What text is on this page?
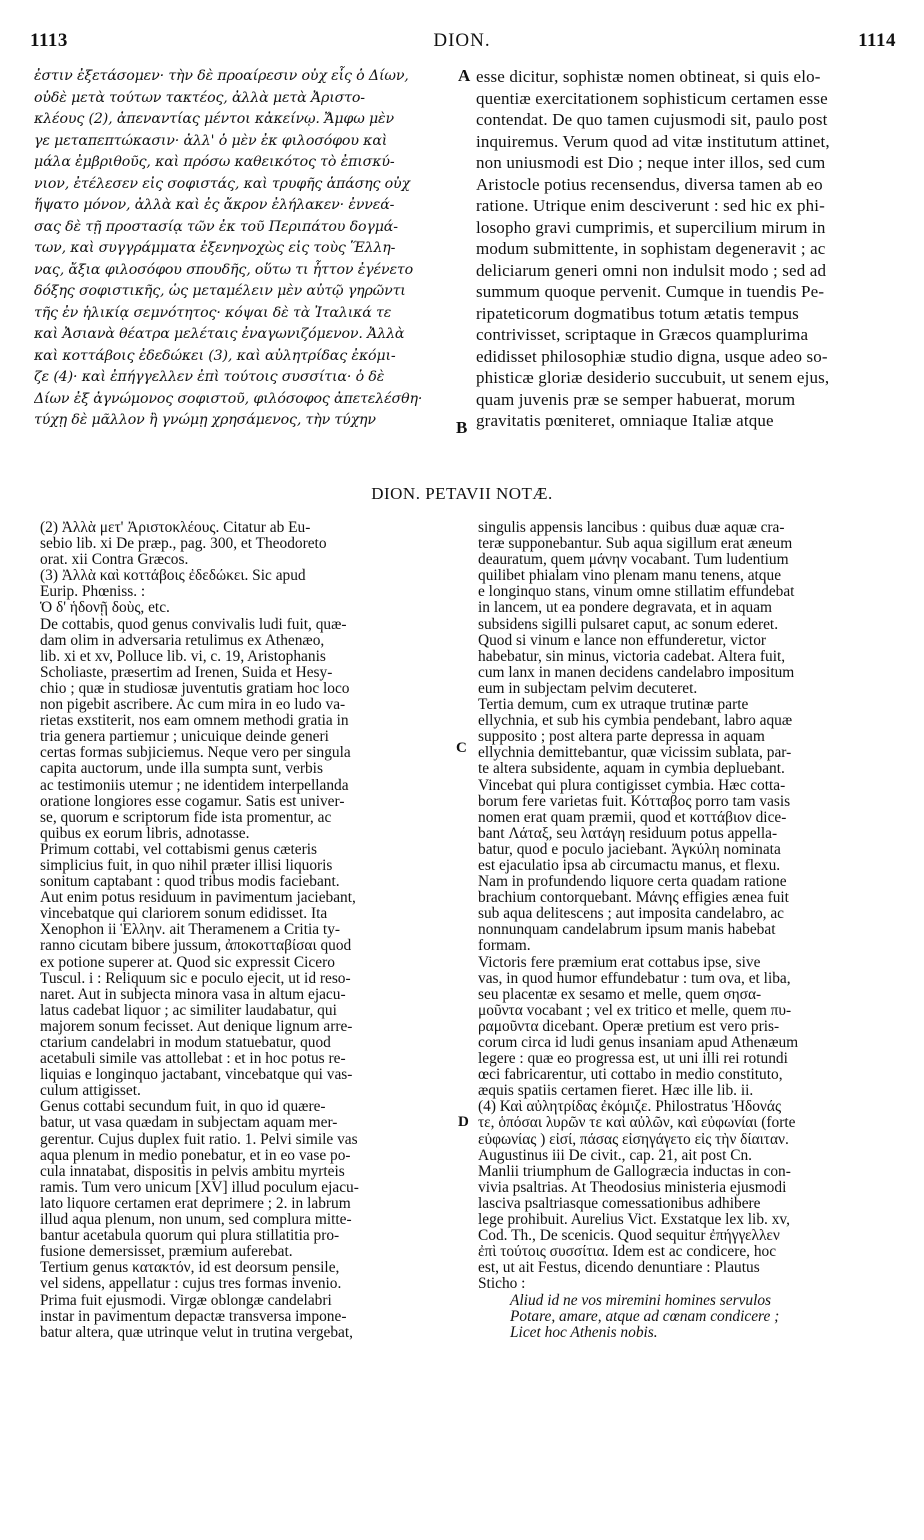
1113	DION.	1114
ἐστιν ἐξετάσομεν· τὴν δὲ προαίρεσιν οὐχ εἷς ὁ Δίων,
οὐδὲ μετὰ τούτων τακτέος, ἀλλὰ μετὰ Ἀριστο-
κλέους (2), ἀπεναντίας μέντοι κἀκείνῳ. Ἄμφω μὲν
γε μεταπεπτώκασιν· ἀλλ' ὁ μὲν ἐκ φιλοσόφου καὶ
μάλα ἐμβριθοῦς, καὶ πρόσω καθεικότος τὸ ἐπισκύ-
νιον, ἐτέλεσεν εἰς σοφιστάς, καὶ τρυφῆς ἁπάσης οὐχ
ἥψατο μόνον, ἀλλὰ καὶ ἐς ἄκρον ἐλήλακεν· ἐννεά-
σας δὲ τῇ προστασίᾳ τῶν ἐκ τοῦ Περιπάτου δογμά-
των, καὶ συγγράμματα ἐξενηνοχὼς εἰς τοὺς Ἕλλη-
νας, ἄξια φιλοσόφου σπουδῆς, οὕτω τι ἧττον ἐγένετο
δόξης σοφιστικῆς, ὡς μεταμέλειν μὲν αὐτῷ γηρῶντι
τῆς ἐν ἡλικίᾳ σεμνότητος· κόψαι δὲ τὰ Ἰταλικά τε
καὶ Ἀσιανὰ θέατρα μελέταις ἐναγωνιζόμενον. Ἀλλὰ
καὶ κοττάβοις ἐδεδώκει (3), καὶ αὐλητρίδας ἐκόμι-
ζε (4)· καὶ ἐπήγγελλεν ἐπὶ τούτοις συσσίτια· ὁ δὲ
Δίων ἐξ ἀγνώμονος σοφιστοῦ, φιλόσοφος ἀπετελέσθη·
τύχῃ δὲ μᾶλλον ἢ γνώμῃ χρησάμενος, τὴν τύχην
A
B
esse dicitur, sophistæ nomen obtineat, si quis elo-
quentiæ exercitationem sophisticum certamen esse
contendat. De quo tamen cujusmodi sit, paulo post
inquiremus. Verum quod ad vitæ institutum attinet,
non uniusmodi est Dio ; neque inter illos, sed cum
Aristocle potius recensendus, diversa tamen ab eo
ratione. Utrique enim desciverunt : sed hic ex phi-
losopho gravi cumprimis, et supercilium mirum in
modum submittente, in sophistam degeneravit ; ac
deliciarum generi omni non indulsit modo ; sed ad
summum quoque pervenit. Cumque in tuendis Pe-
ripateticorum dogmatibus totum ætatis tempus
contrivisset, scriptaque in Græcos quamplurima
edidisset philosophiæ studio digna, usque adeo so-
phisticæ gloriæ desiderio succubuit, ut senem ejus,
quam juvenis præ se semper habuerat, morum
gravitatis pœniteret, omniaque Italiæ atque
DION. PETAVII NOTÆ.
(2) Ἀλλὰ μετ' Ἀριστοκλέους. Citatur ab Eu-
sebio lib. xi De præp., pag. 300, et Theodoreto
orat. xii Contra Græcos.
(3) Ἀλλὰ καὶ κοττάβοις ἐδεδώκει. Sic apud
Eurip. Phœniss. :
Ὁ δ' ἡδονῇ δοὺς, etc.
De cottabis, quod genus convivalis ludi fuit, quæ-
dam olim in adversaria retulimus ex Athenæo,
lib. xi et xv, Polluce lib. vi, c. 19, Aristophanis
Scholiaste, præsertim ad Irenen, Suida et Hesy-
chio ; quæ in studiosæ juventutis gratiam hoc loco
non pigebit ascribere. Ac cum mira in eo ludo va-
rietas exstiterit, nos eam omnem methodi gratia in
tria genera partiemur ; unicuique deinde generi
certas formas subjiciemus. Neque vero per singula
capita auctorum, unde illa sumpta sunt, verbis
ac testimoniis utemur ; ne identidem interpellanda
oratione longiores esse cogamur. Satis est univer-
se, quorum e scriptorum fide ista promentur, ac
quibus ex eorum libris, adnotasse.
Primum cottabi, vel cottabismi genus cæteris
simplicius fuit, in quo nihil præter illisi liquoris
sonitum captabant : quod tribus modis faciebant.
Aut enim potus residuum in pavimentum jaciebant,
vincebatque qui clariorem sonum edidisset. Ita
Xenophon ii Ἑλλην. ait Theramenem a Critia ty-
ranno cicutam bibere jussum, ἀποκοτταβίσαι quod
ex potione superer at. Quod sic expressit Cicero
Tuscul. i : Reliquum sic e poculo ejecit, ut id reso-
naret. Aut in subjecta minora vasa in altum ejacu-
latus cadebat liquor ; ac similiter laudabatur, qui
majorem sonum fecisset. Aut denique lignum arre-
ctarium candelabri in modum statuebatur, quod
acetabuli simile vas attollebat : et in hoc potus re-
liquias e longinquo jactabant, vincebatque qui vas-
culum attigisset.
Genus cottabi secundum fuit, in quo id quære-
batur, ut vasa quædam in subjectam aquam mer-
gerentur. Cujus duplex fuit ratio. 1. Pelvi simile vas
aqua plenum in medio ponebatur, et in eo vase po-
cula innatabat, dispositis in pelvis ambitu myrteis
ramis. Tum vero unicum [XV] illud poculum ejacu-
lato liquore certamen erat deprimere ; 2. in labrum
illud aqua plenum, non unum, sed complura mitte-
bantur acetabula quorum qui plura stillatitia pro-
fusione demersisset, præmium auferebat.
Tertium genus κατακτόν, id est deorsum pensile,
vel sidens, appellatur : cujus tres formas invenio.
Prima fuit ejusmodi. Virgæ oblongæ candelabri
instar in pavimentum depactæ transversa impone-
batur altera, quæ utrinque velut in trutina vergebat,
C
D
singulis appensis lancibus : quibus duæ aquæ cra-
teræ supponebantur. Sub aqua sigillum erat æneum
deauratum, quem μάνην vocabant. Tum ludentium
quilibet phialam vino plenam manu tenens, atque
e longinquo stans, vinum omne stillatim effundebat
in lancem, ut ea pondere degravata, et in aquam
subsidens sigilli pulsaret caput, ac sonum ederet.
Quod si vinum e lance non effunderetur, victor
habebatur, sin minus, victoria cadebat. Altera fuit,
cum lanx in manen decidens candelabro impositum
eum in subjectam pelvim decuteret.
Tertia demum, cum ex utraque trutinæ parte
ellychnia, et sub his cymbia pendebant, labro aquæ
supposito ; post altera parte depressa in aquam
ellychnia demittebantur, quæ vicissim sublata, par-
te altera subsidente, aquam in cymbia depluebant.
Vincebat qui plura contigisset cymbia. Hæc cotta-
borum fere varietas fuit. Κότταβος porro tam vasis
nomen erat quam præmii, quod et κοττάβιον dice-
bant Λάταξ, seu λατάγη residuum potus appella-
batur, quod e poculo jaciebant. Ἀγκύλη nominata
est ejaculatio ipsa ab circumactu manus, et flexu.
Nam in profundendo liquore certa quadam ratione
brachium contorquebant. Μάνης effigies ænea fuit
sub aqua delitescens ; aut imposita candelabro, ac
nonnunquam candelabrum ipsum manis habebat
formam.
Victoris fere præmium erat cottabus ipse, sive
vas, in quod humor effundebatur : tum ova, et liba,
seu placentæ ex sesamo et melle, quem σησα-
μοῦντα vocabant ; vel ex tritico et melle, quem πυ-
ραμοῦντα dicebant. Operæ pretium est vero pris-
corum circa id ludi genus insaniam apud Athenæum
legere : quæ eo progressa est, ut uni illi rei rotundi
œci fabricarentur, uti cottabo in medio constituto,
æquis spatiis certamen fieret. Hæc ille lib. ii.
(4) Καὶ αὐλητρίδας ἐκόμιζε. Philostratus Ἠδονάς
τε, ὁπόσαι λυρῶν τε καὶ αὐλῶν, καὶ εὐφωνίαι (forte
εὐφωνίας ) εἰσί, πάσας εἰσηγάγετο εἰς τὴν δίαιταν.
Augustinus iii De civit., cap. 21, ait post Cn.
Manlii triumphum de Gallogræcia inductas in con-
vivia psaltrias. At Theodosius ministeria ejusmodi
lasciva psaltriasque comessationibus adhibere
lege prohibuit. Aurelius Vict. Exstatque lex lib. xv,
Cod. Th., De scenicis. Quod sequitur ἐπήγγελλεν
ἐπὶ τούτοις συσσίτια. Idem est ac condicere, hoc
est, ut ait Festus, dicendo denuntiare : Plautus
Sticho :
Aliud id ne vos miremini homines servulos
Potare, amare, atque ad cœnam condicere ;
Licet hoc Athenis nobis.
